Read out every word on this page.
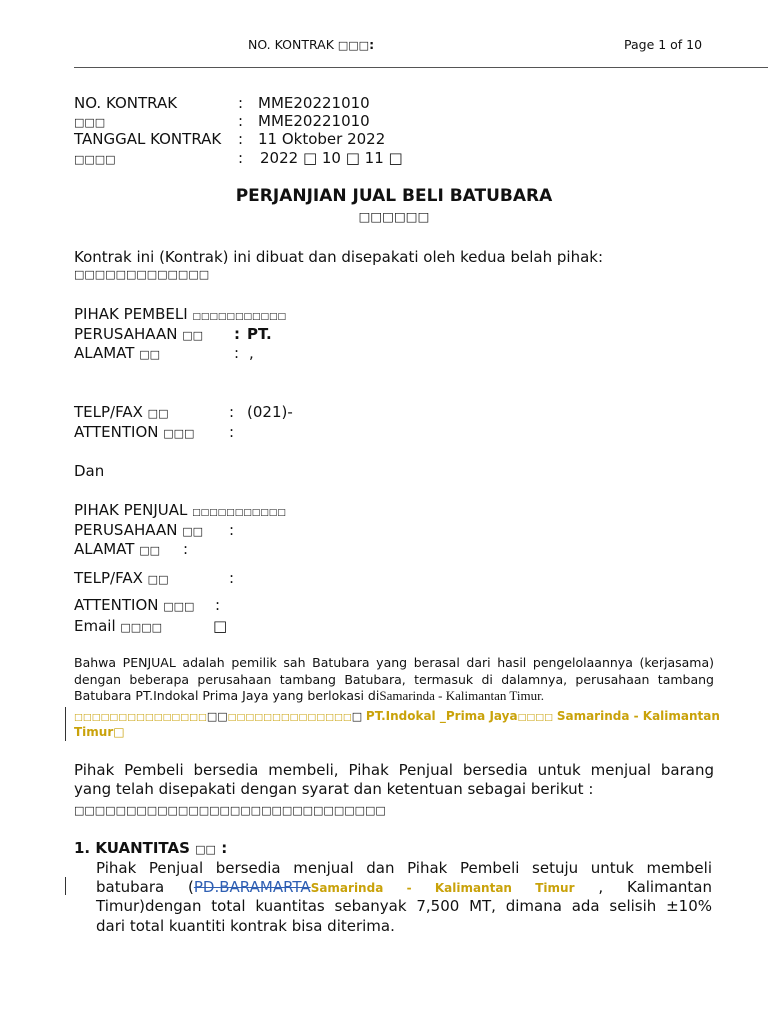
NO. KONTRAK □□□:	Page 1 of 10
NO. KONTRAK	: MME20221010
□□□	: MME20221010
TANGGAL KONTRAK : 11 Oktober 2022
□□□□	: 2022 □ 10 □ 11 □
PERJANJIAN JUAL BELI BATUBARA
□□□□□□
Kontrak ini (Kontrak) ini dibuat dan disepakati oleh kedua belah pihak:
□□□□□□□□□□□□□
PIHAK PEMBELI □□□□□□□□□□□
PERUSAHAAN □□ : PT.
ALAMAT □□	: ,
TELP/FAX □□	: (021)-
ATTENTION □□□ :
Dan
PIHAK PENJUAL □□□□□□□□□□□
PERUSAHAAN □□ :
ALAMAT □□ :
TELP/FAX □□	:
ATTENTION □□□ :
Email □□□□	□
Bahwa PENJUAL adalah pemilik sah Batubara yang berasal dari hasil pengelolaannya (kerjasama)
dengan beberapa perusahaan tambang Batubara, termasuk di dalamnya, perusahaan tambang
Batubara PT.Indokal Prima Jaya yang berlokasi diSamarinda - Kalimantan Timur.
□□□□□□□□□□□□□□□□□□□□□□□□□□□□□□□□ PT.Indokal _Prima Jaya□□□□ Samarinda - Kalimantan
Timur□
Pihak Pembeli bersedia membeli, Pihak Penjual bersedia untuk menjual barang
yang telah disepakati dengan syarat dan ketentuan sebagai berikut :
□□□□□□□□□□□□□□□□□□□□□□□□□□□□□□
1. KUANTITAS □□ :
Pihak Penjual bersedia menjual dan Pihak Pembeli setuju untuk membeli
batubara (PD.BARAMARTASamarinda - Kalimantan Timur , Kalimantan
Timur)dengan total kuantitas sebanyak 7,500 MT, dimana ada selisih ±10%
dari total kuantiti kontrak bisa diterima.
